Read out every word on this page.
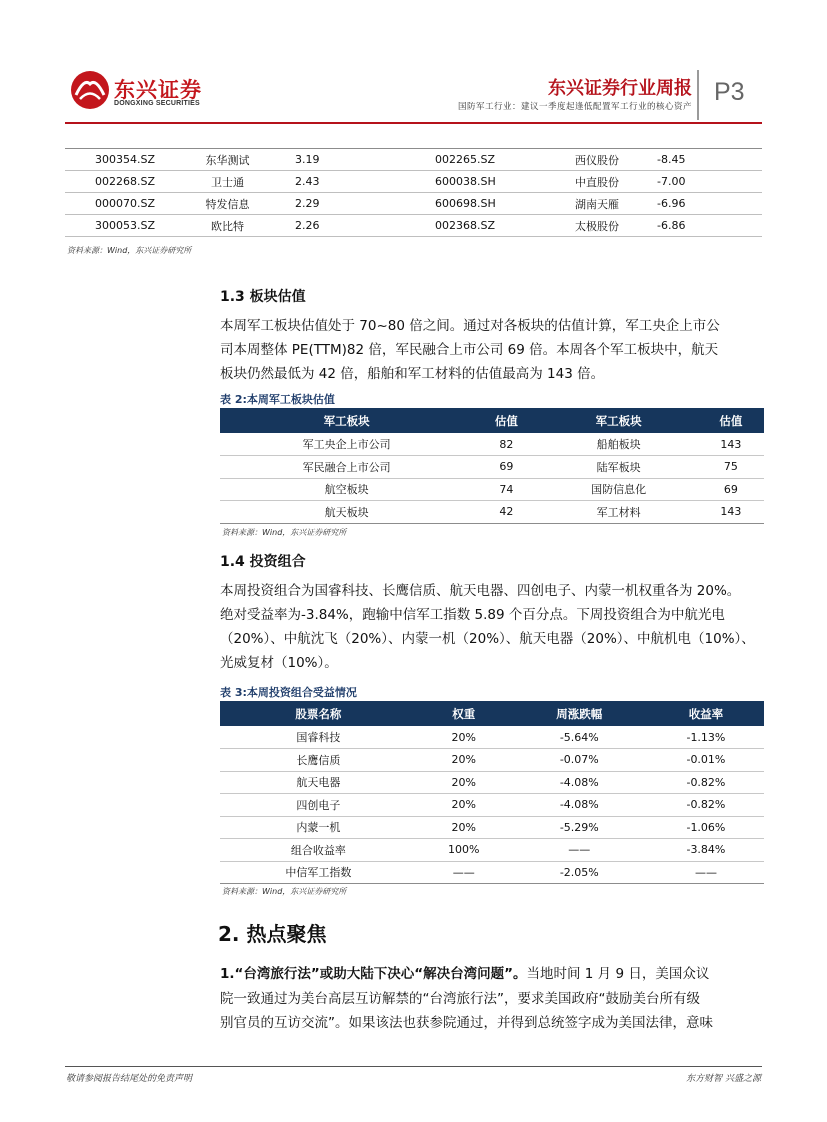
东兴证券
DONGXING SECURITIES
东兴证券行业周报
国防军工行业：建议一季度起逢低配置军工行业的核心资产
P3
300354.SZ	东华测试	3.19	002265.SZ	西仪股份	-8.45
002268.SZ	卫士通	2.43	600038.SH	中直股份	-7.00
000070.SZ	特发信息	2.29	600698.SH	湖南天雁	-6.96
300053.SZ	欧比特	2.26	002368.SZ	太极股份	-6.86
资料来源：Wind，东兴证券研究所
1.3 板块估值
本周军工板块估值处于 70~80 倍之间。通过对各板块的估值计算，军工央企上市公
司本周整体 PE(TTM)82 倍，军民融合上市公司 69 倍。本周各个军工板块中，航天
板块仍然最低为 42 倍，船舶和军工材料的估值最高为 143 倍。
表 2:本周军工板块估值
军工板块	估值	军工板块	估值
军工央企上市公司	82	船舶板块	143
军民融合上市公司	69	陆军板块	75
航空板块	74	国防信息化	69
航天板块	42	军工材料	143
资料来源：Wind，东兴证券研究所
1.4 投资组合
本周投资组合为国睿科技、长鹰信质、航天电器、四创电子、内蒙一机权重各为 20%。
绝对受益率为-3.84%，跑输中信军工指数 5.89 个百分点。下周投资组合为中航光电
（20%）、中航沈飞（20%）、内蒙一机（20%）、航天电器（20%）、中航机电（10%）、
光威复材（10%）。
表 3:本周投资组合受益情况
股票名称	权重	周涨跌幅	收益率
国睿科技	20%	-5.64%	-1.13%
长鹰信质	20%	-0.07%	-0.01%
航天电器	20%	-4.08%	-0.82%
四创电子	20%	-4.08%	-0.82%
内蒙一机	20%	-5.29%	-1.06%
组合收益率	100%	——	-3.84%
中信军工指数	——	-2.05%	——
资料来源：Wind，东兴证券研究所
2. 热点聚焦
1.“台湾旅行法”或助大陆下决心“解决台湾问题”。当地时间 1 月 9 日，美国众议
院一致通过为美台高层互访解禁的“台湾旅行法”，要求美国政府“鼓励美台所有级
别官员的互访交流”。如果该法也获参院通过，并得到总统签字成为美国法律，意味
敬请参阅报告结尾处的免责声明	东方财智 兴盛之源
